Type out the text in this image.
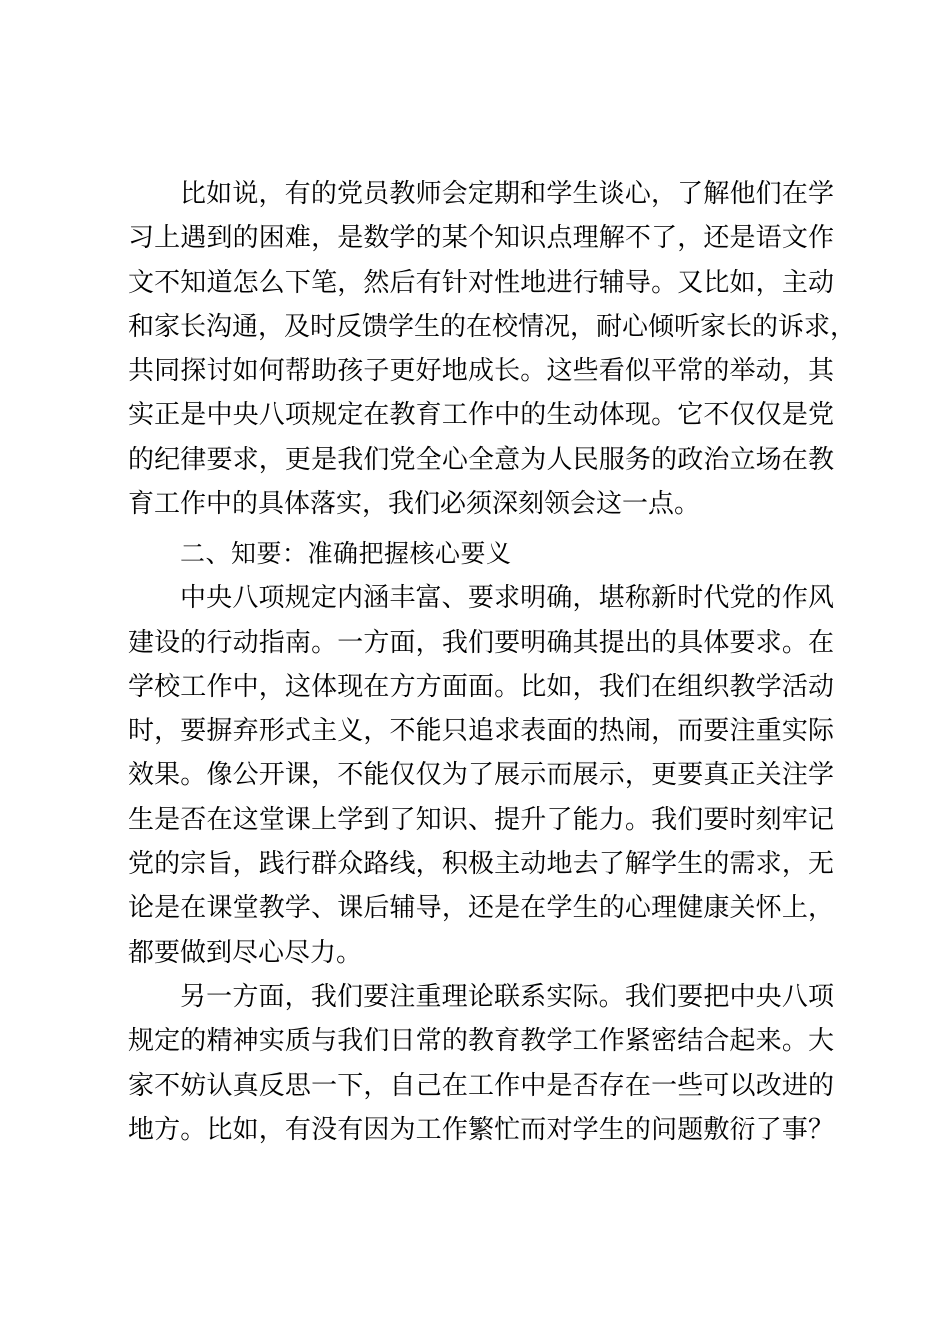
比如说，有的党员教师会定期和学生谈心，了解他们在学
习上遇到的困难，是数学的某个知识点理解不了，还是语文作
文不知道怎么下笔，然后有针对性地进行辅导。又比如，主动
和家长沟通，及时反馈学生的在校情况，耐心倾听家长的诉求，
共同探讨如何帮助孩子更好地成长。这些看似平常的举动，其
实正是中央八项规定在教育工作中的生动体现。它不仅仅是党
的纪律要求，更是我们党全心全意为人民服务的政治立场在教
育工作中的具体落实，我们必须深刻领会这一点。
二、知要：准确把握核心要义
中央八项规定内涵丰富、要求明确，堪称新时代党的作风
建设的行动指南。一方面，我们要明确其提出的具体要求。在
学校工作中，这体现在方方面面。比如，我们在组织教学活动
时，要摒弃形式主义，不能只追求表面的热闹，而要注重实际
效果。像公开课，不能仅仅为了展示而展示，更要真正关注学
生是否在这堂课上学到了知识、提升了能力。我们要时刻牢记
党的宗旨，践行群众路线，积极主动地去了解学生的需求，无
论是在课堂教学、课后辅导，还是在学生的心理健康关怀上，
都要做到尽心尽力。
另一方面，我们要注重理论联系实际。我们要把中央八项
规定的精神实质与我们日常的教育教学工作紧密结合起来。大
家不妨认真反思一下，自己在工作中是否存在一些可以改进的
地方。比如，有没有因为工作繁忙而对学生的问题敷衍了事？
